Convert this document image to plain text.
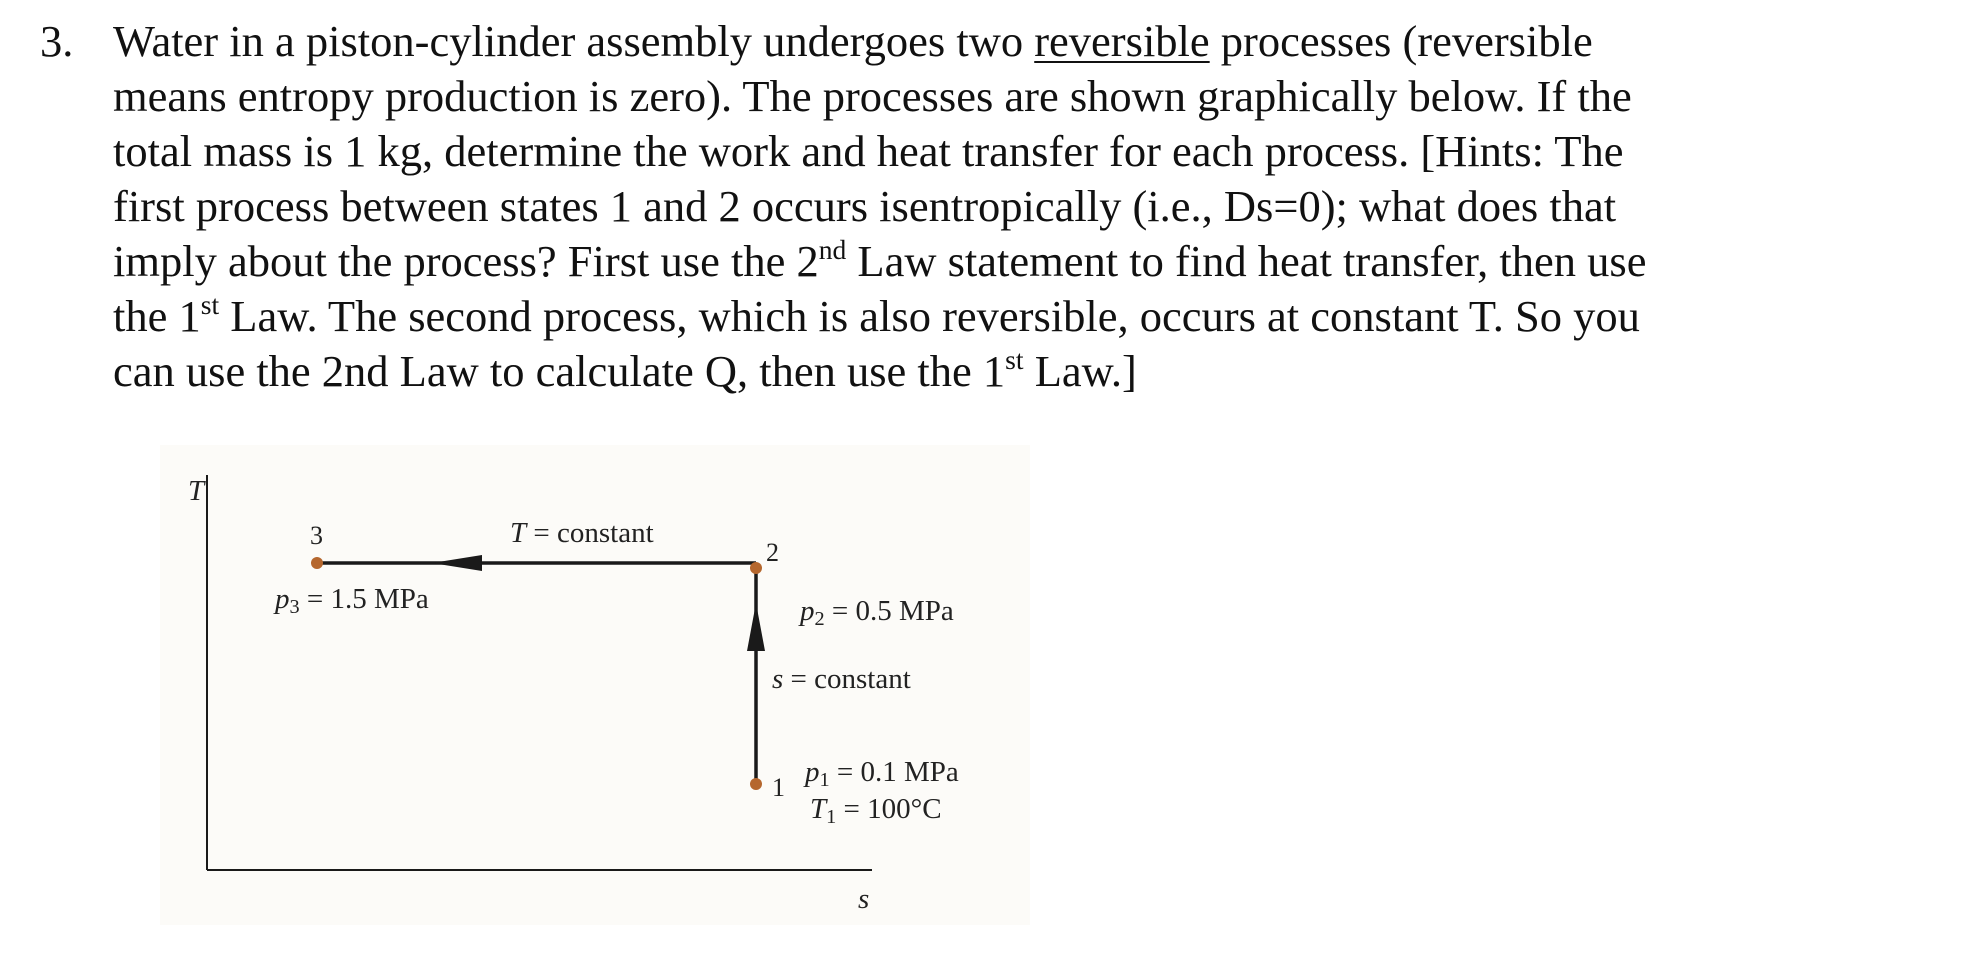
3. Water in a piston-cylinder assembly undergoes two reversible processes (reversible
means entropy production is zero). The processes are shown graphically below. If the
total mass is 1 kg, determine the work and heat transfer for each process. [Hints: The
first process between states 1 and 2 occurs isentropically (i.e., Ds=0); what does that
imply about the process? First use the 2nd Law statement to find heat transfer, then use
the 1st Law. The second process, which is also reversible, occurs at constant T. So you
can use the 2nd Law to calculate Q, then use the 1st Law.]
T
s
3
$p_3 = 1.5$ MPa
T = constant
2
$p_2 = 0.5$ MPa
s = constant
1 $p_1 = 0.1$ MPa
$T_1 = 100^\circ C$
